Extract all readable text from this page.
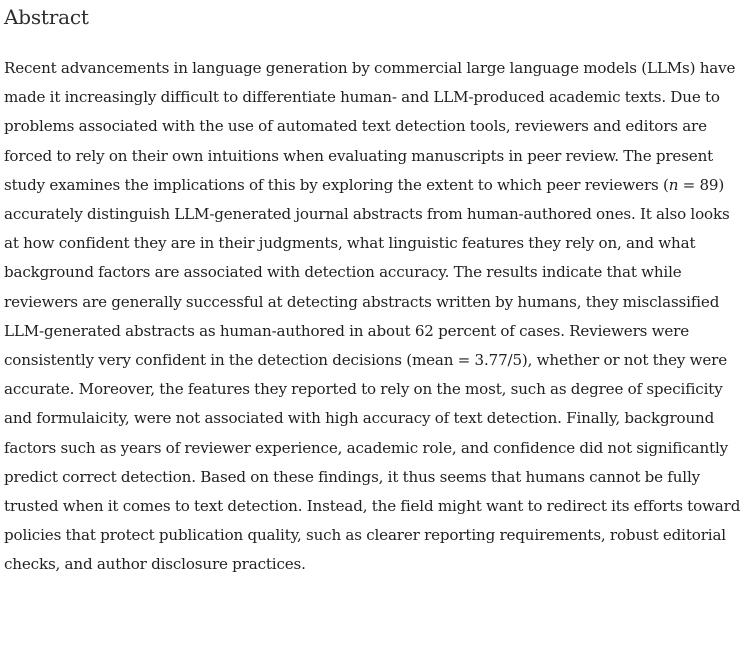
Abstract

Recent advancements in language generation by commercial large language models (LLMs) have made it increasingly difficult to differentiate human- and LLM-produced academic texts. Due to problems associated with the use of automated text detection tools, reviewers and editors are forced to rely on their own intuitions when evaluating manuscripts in peer review. The present study examines the implications of this by exploring the extent to which peer reviewers (n = 89) accurately distinguish LLM-generated journal abstracts from human-authored ones. It also looks at how confident they are in their judgments, what linguistic features they rely on, and what background factors are associated with detection accuracy. The results indicate that while reviewers are generally successful at detecting abstracts written by humans, they misclassified LLM-generated abstracts as human-authored in about 62 percent of cases. Reviewers were consistently very confident in the detection decisions (mean = 3.77/5), whether or not they were accurate. Moreover, the features they reported to rely on the most, such as degree of specificity and formulaicity, were not associated with high accuracy of text detection. Finally, background factors such as years of reviewer experience, academic role, and confidence did not significantly predict correct detection. Based on these findings, it thus seems that humans cannot be fully trusted when it comes to text detection. Instead, the field might want to redirect its efforts toward policies that protect publication quality, such as clearer reporting requirements, robust editorial checks, and author disclosure practices.
